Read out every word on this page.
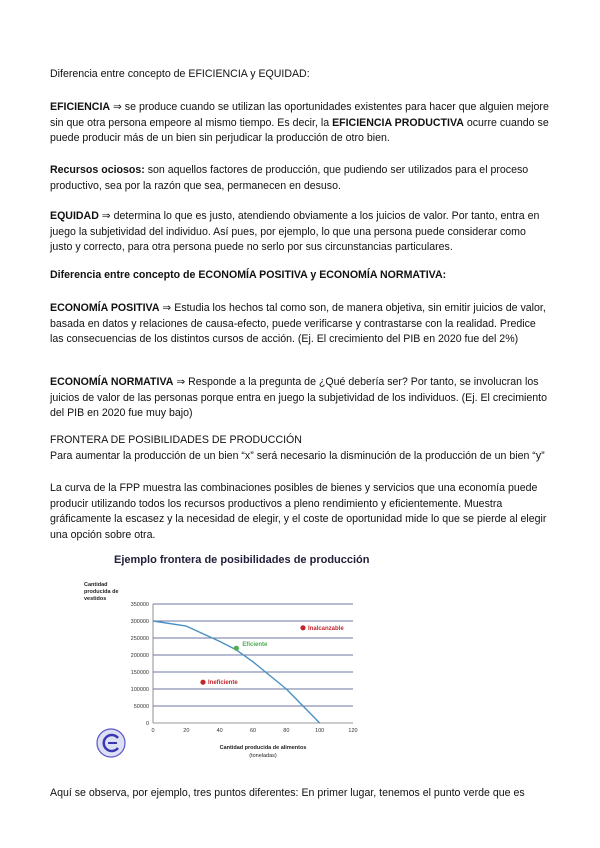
Diferencia entre concepto de EFICIENCIA y EQUIDAD:

EFICIENCIA ⇒ se produce cuando se utilizan las oportunidades existentes para hacer que alguien mejore sin que otra persona empeore al mismo tiempo. Es decir, la EFICIENCIA PRODUCTIVA ocurre cuando se puede producir más de un bien sin perjudicar la producción de otro bien.

Recursos ociosos: son aquellos factores de producción, que pudiendo ser utilizados para el proceso productivo, sea por la razón que sea, permanecen en desuso.

EQUIDAD ⇒ determina lo que es justo, atendiendo obviamente a los juicios de valor. Por tanto, entra en juego la subjetividad del individuo. Así pues, por ejemplo, lo que una persona puede considerar como justo y correcto, para otra persona puede no serlo por sus circunstancias particulares.

Diferencia entre concepto de ECONOMÍA POSITIVA y ECONOMÍA NORMATIVA:

ECONOMÍA POSITIVA ⇒ Estudia los hechos tal como son, de manera objetiva, sin emitir juicios de valor, basada en datos y relaciones de causa-efecto, puede verificarse y contrastarse con la realidad. Predice las consecuencias de los distintos cursos de acción. (Ej. El crecimiento del PIB en 2020 fue del 2%)

ECONOMÍA NORMATIVA ⇒ Responde a la pregunta de ¿Qué debería ser? Por tanto, se involucran los juicios de valor de las personas porque entra en juego la subjetividad de los individuos. (Ej. El crecimiento del PIB en 2020 fue muy bajo)

FRONTERA DE POSIBILIDADES DE PRODUCCIÓN

Para aumentar la producción de un bien “x” será necesario la disminución de la producción de un bien “y”

La curva de la FPP muestra las combinaciones posibles de bienes y servicios que una economía puede producir utilizando todos los recursos productivos a pleno rendimiento y eficientemente. Muestra gráficamente la escasez y la necesidad de elegir, y el coste de oportunidad mide lo que se pierde al elegir una opción sobre otra.

Ejemplo frontera de posibilidades de producción
0
50000
100000
150000
200000
250000
300000
350000
0	20	40	60	80	100	120
Cantidad
producida de
vestidos
Cantidad producida de alimentos
(toneladas)
Inalcanzable
Eficiente
Ineficiente

Aquí se observa, por ejemplo, tres puntos diferentes: En primer lugar, tenemos el punto verde que es
